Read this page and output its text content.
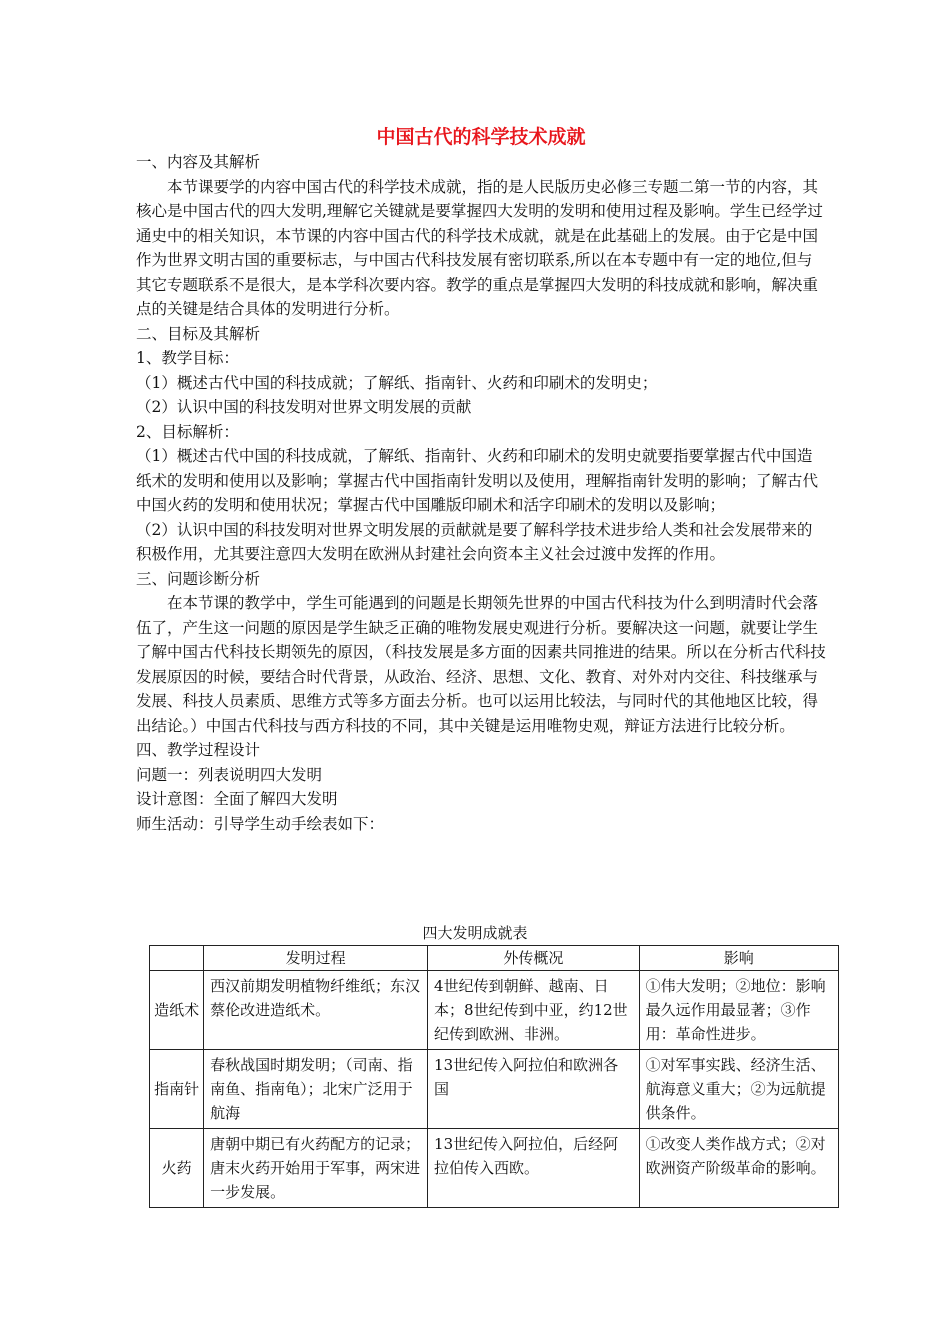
中国古代的科学技术成就

一、内容及其解析

本节课要学的内容中国古代的科学技术成就，指的是人民版历史必修三专题二第一节的内容，其核心是中国古代的四大发明,理解它关键就是要掌握四大发明的发明和使用过程及影响。学生已经学过通史中的相关知识，本节课的内容中国古代的科学技术成就，就是在此基础上的发展。由于它是中国作为世界文明古国的重要标志，与中国古代科技发展有密切联系,所以在本专题中有一定的地位,但与其它专题联系不是很大，是本学科次要内容。教学的重点是掌握四大发明的科技成就和影响，解决重点的关键是结合具体的发明进行分析。

二、目标及其解析

1、教学目标：

（1）概述古代中国的科技成就；了解纸、指南针、火药和印刷术的发明史；

（2）认识中国的科技发明对世界文明发展的贡献

2、目标解析：

（1）概述古代中国的科技成就，了解纸、指南针、火药和印刷术的发明史就要指要掌握古代中国造纸术的发明和使用以及影响；掌握古代中国指南针发明以及使用，理解指南针发明的影响；了解古代中国火药的发明和使用状况；掌握古代中国雕版印刷术和活字印刷术的发明以及影响；

（2）认识中国的科技发明对世界文明发展的贡献就是要了解科学技术进步给人类和社会发展带来的积极作用，尤其要注意四大发明在欧洲从封建社会向资本主义社会过渡中发挥的作用。

三、问题诊断分析

在本节课的教学中，学生可能遇到的问题是长期领先世界的中国古代科技为什么到明清时代会落伍了，产生这一问题的原因是学生缺乏正确的唯物发展史观进行分析。要解决这一问题，就要让学生了解中国古代科技长期领先的原因，（科技发展是多方面的因素共同推进的结果。所以在分析古代科技发展原因的时候，要结合时代背景，从政治、经济、思想、文化、教育、对外对内交往、科技继承与发展、科技人员素质、思维方式等多方面去分析。也可以运用比较法，与同时代的其他地区比较，得出结论。）中国古代科技与西方科技的不同，其中关键是运用唯物史观，辩证方法进行比较分析。

四、教学过程设计

问题一：列表说明四大发明

设计意图：全面了解四大发明

师生活动：引导学生动手绘表如下：

四大发明成就表
	发明过程	外传概况	影响
造纸术	西汉前期发明植物纤维纸；东汉蔡伦改进造纸术。	4世纪传到朝鲜、越南、日本；8世纪传到中亚，约12世纪传到欧洲、非洲。	①伟大发明；②地位：影响最久远作用最显著；③作用：革命性进步。
指南针	春秋战国时期发明；（司南、指南鱼、指南龟）；北宋广泛用于航海	13世纪传入阿拉伯和欧洲各国	①对军事实践、经济生活、航海意义重大；②为远航提供条件。
火药	唐朝中期已有火药配方的记录；唐末火药开始用于军事，两宋进一步发展。	13世纪传入阿拉伯，后经阿拉伯传入西欧。	①改变人类作战方式；②对欧洲资产阶级革命的影响。
